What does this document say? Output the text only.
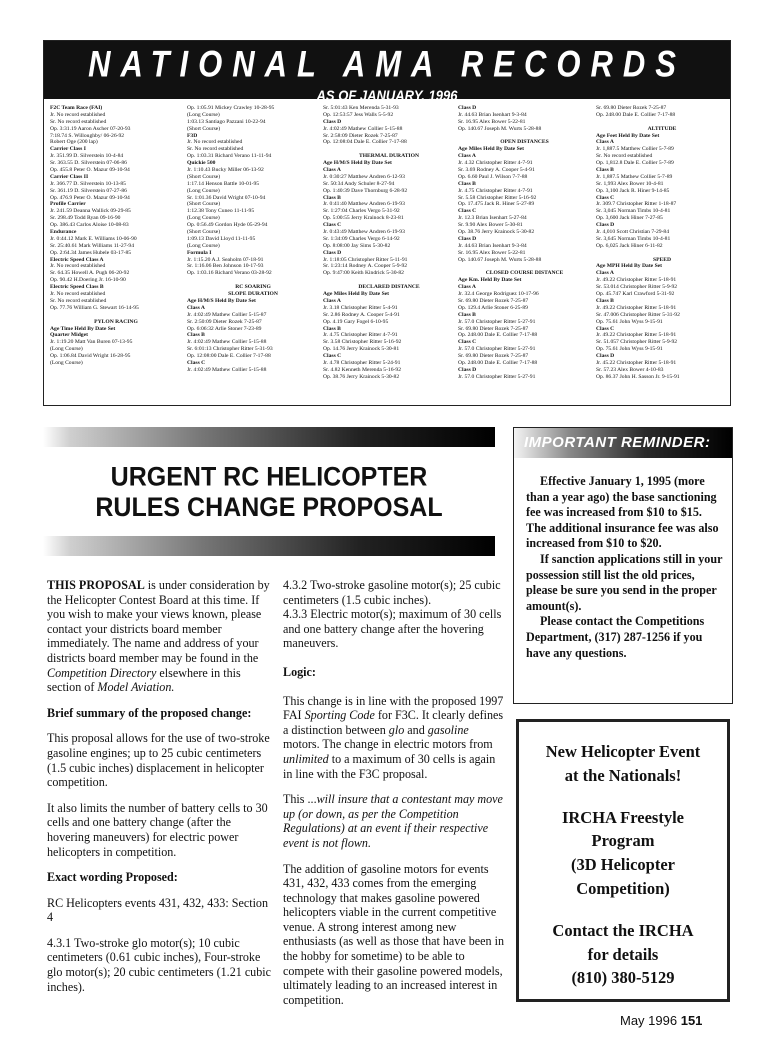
NATIONAL AMA RECORDS
AS OF JANUARY, 1996
F2C Team Race (FAI)
Jr. No record established
Sr. No record established
Op. 3:31.19 Aaron Ascher 07-20-93
7:18.74 S. Willoughby/ 06-26-92
Robert Oge (200 lap)
Carrier Class I
Jr. 351.99 D. Silverstein 10-4-84
Sr. 363.55 D. Silverstein 07-06-86
Op. 455.8 Peter O. Mazur 09-10-94
Carrier Class II
Jr. 366.77 D. Silverstein 10-13-85
Sr. 361.19 D. Silverstein 07-27-86
Op. 476.9 Peter O. Mazur 09-10-94
Profile Carrier
Jr. 241.59 Deanna Wallick 09-29-85
Sr. 298.49 Todd Ryan 09-16-90
Op. 386.43 Carlos Aloise 10-08-83
Endurance
Jr. 0:44.12 Mark E. Williams 10-06-90
Sr. 25:40.61 Mark Williams 11-27-94
Op. 2:64.34 James Hubele 03-17-85
Electric Speed Class A
Jr. No record established
Sr. 64.35 Howell A. Pugh 06-20-92
Op. 90.42 H.Doering Jr. 16-10-90
Electric Speed Class B
Jr. No record established
Sr. No record established
Op. 77.76 William G. Stewart 16-14-95

PYLON RACING
Age Time Held By Date Set
Quarter Midget
Jr. 1:19.20 Matt Van Buren 07-13-95
(Long Course)
Op. 1:06.84 David Wright 16-28-95
(Long Course)
Op. 1:05.91 Mickey Crawley 10-28-95
(Long Course)
1:03.13 Santiago Pazzani 10-22-94
(Short Course)
F3D
Jr. No record established
Sr. No record established
Op. 1:03.31 Richard Verano 11-11-94
Quickie 500
Jr. 1:10.43 Bucky Miller 06-13-92
(Short Course)
1:17.14 Henson Battle 10-01-95
(Long Course)
Sr. 1:01.36 David Wright 07-10-94
(Short Course)
1:12.38 Tony Cuneo 11-11-95
(Long Course)
Op. 0:56.49 Gordon Hyde 05-29-94
(Short Course)
1:09.13 David Lloyd 11-11-95
(Long Course)
Formula I
Jr. 1:15.20 A.J. Seaholm 07-18-91
Sr. 1:16.06 Ben Johnson 10-17-93
Op. 1:03.16 Richard Verano 03-28-92

RC SOARING
SLOPE DURATION
Age H/M/S Held By Date Set
Class A
Jr. 4:02:49 Mathew Collier 5-15-87
Sr. 2:50:09 Dieter Rozek 7-25-87
Op. 6:06:32 Arlie Stoner 7-23-89
Class B
Jr. 4:02:49 Mathew Collier 5-15-88
Sr. 6:01:13 Christopher Ritter 5-31-93
Op. 12:08:00 Dale E. Collier 7-17-88
Class C
Jr. 4:02:49 Mathew Collier 5-15-88
Sr. 5:01:43 Ken Merenda 5-31-93
Op. 12:53:57 Jess Walls 5-5-92
Class D
Jr. 4:02:49 Mathew Collier 5-15-88
Sr. 2:58:09 Dieter Rozek 7-25-87
Op. 12:08:04 Dale E. Collier 7-17-88

THERMAL DURATION
Age H/M/S Held By Date Set
Class A
Jr. 0:30:27 Matthew Andren 6-12-93
Sr. 50:34 Andy Schuler 8-27-94
Op. 1:40:39 Dave Thornburg 6-28-92
Class B
Jr. 0:41:40 Matthew Andren 6-19-93
Sr. 1:27:04 Charles Vergo 5-31-92
Op. 5:00:55 Jerry Krainock 8-23-81
Class C
Jr. 0:43:49 Matthew Andren 6-19-93
Sr. 1:34:09 Charles Vergo 6-14-92
Op. 8:08:00 Jay Sims 5-30-82
Class D
Jr. 1:18:05 Christopher Ritter 5-11-91
Sr. 1:23:14 Rodney A. Cooper 5-9-92
Op. 9:47:00 Keith Kindrick 5-30-82

DECLARED DISTANCE
Age Miles Held By Date Set
Class A
Jr. 3.18 Christopher Ritter 5-4-91
Sr. 2.86 Rodney A. Cooper 5-4-91
Op. 4.19 Gary Fogel 6-10-95
Class B
Jr. 4.75 Christopher Ritter 4-7-91
Sr. 3.58 Christopher Ritter 5-16-92
Op. 14.76 Jerry Krainock 5-30-81
Class C
Jr. 4.78 Christopher Ritter 5-24-91
Sr. 4.82 Kenneth Merenda 5-16-92
Op. 38.76 Jerry Krainock 5-30-82
Class D
Jr. 44.63 Brian Isenhart 9-3-84
Sr. 16.95 Alex Bower 5-22-81
Op. 140.67 Joseph M. Wurts 5-28-88

OPEN DISTANCES
Age Miles Held By Date Set
Class A
Jr. 4.32 Christopher Ritter 4-7-91
Sr. 3.69 Rodney A. Cooper 5-4-91
Op. 6.60 Paul J. Wilson 7-7-88
Class B
Jr. 4.75 Christopher Ritter 4-7-91
Sr. 5.58 Christopher Ritter 5-16-92
Op. 17.475 Jack R. Hiner 5-27-89
Class C
Jr. 12.3 Brian Isenhart 5-27-84
Sr. 9.90 Alex Bower 5-30-81
Op. 38.76 Jerry Krainock 5-30-82
Class D
Jr. 44.63 Brian Isenhart 9-3-84
Sr. 16.95 Alex Bower 5-22-81
Op. 140.67 Joseph M. Wurts 5-28-88

CLOSED COURSE DISTANCE
Age Km. Held By Date Set
Class A
Jr. 32.4 George Rodriguez 10-17-96
Sr. 69.80 Dieter Rozek 7-25-87
Op. 129.4 Arlie Stoner 6-25-89
Class B
Jr. 57.0 Christopher Ritter 5-27-91
Sr. 69.80 Dieter Rozek 7-25-87
Op. 248.00 Dale E. Collier 7-17-88
Class C
Jr. 57.0 Christopher Ritter 5-27-91
Sr. 69.80 Dieter Rozek 7-25-87
Op. 248.00 Dale E. Collier 7-17-88
Class D
Jr. 57.0 Christopher Ritter 5-27-91
Sr. 69.80 Dieter Rozek 7-25-87
Op. 248.00 Dale E. Collier 7-17-88

ALTITUDE
Age Feet Held By Date Set
Class A
Jr. 1,887.5 Matthew Collier 5-7-89
Sr. No record established
Op. 1,812.8 Dale E. Collier 5-7-89
Class B
Jr. 1,887.5 Mathew Collier 5-7-89
Sr. 1,993 Alex Bower 10-4-81
Op. 3,100 Jack R. Hiner 9-14-85
Class C
Jr. 309.7 Christopher Ritter 1-18-87
Sr. 3,045 Norman Timbs 10-4-81
Op. 3,600 Jack Hiner 7-27-85
Class D
Jr. 4,010 Scott Christian 7-29-84
Sr. 3,645 Norman Timbs 10-4-81
Op. 6,025 Jack Hiner 6-11-82

SPEED
Age MPH Held By Date Set
Class A
Jr. 49.22 Christopher Ritter 5-18-91
Sr. 53.014 Christopher Ritter 5-9-92
Op. 45.747 Karl Crawford 5-31-92
Class B
Jr. 49.22 Christopher Ritter 5-18-91
Sr. 47.006 Christopher Ritter 5-31-92
Op. 75.61 John Wyss 9-15-91
Class C
Jr. 49.22 Christopher Ritter 5-18-91
Sr. 51.057 Christopher Ritter 5-9-92
Op. 75.61 John Wyss 9-15-91
Class D
Jr. 45.22 Christopher Ritter 5-18-91
Sr. 57.23 Alex Bower 4-10-83
Op. 86.37 John H. Sasson Jr. 9-15-91
URGENT RC HELICOPTER
RULES CHANGE PROPOSAL

THIS PROPOSAL is under consideration by the Helicopter Contest Board at this time. If you wish to make your views known, please contact your districts board member immediately. The name and address of your districts board member may be found in the Competition Directory elsewhere in this section of Model Aviation.

Brief summary of the proposed change:

This proposal allows for the use of two-stroke gasoline engines; up to 25 cubic centimeters (1.5 cubic inches) displacement in helicopter competition.

It also limits the number of battery cells to 30 cells and one battery change (after the hovering maneuvers) for electric power helicopters in competition.

Exact wording Proposed:

RC Helicopters events 431, 432, 433: Section 4

4.3.1 Two-stroke glo motor(s); 10 cubic centimeters (0.61 cubic inches), Four-stroke glo motor(s); 20 cubic centimeters (1.21 cubic inches).

4.3.2 Two-stroke gasoline motor(s); 25 cubic centimeters (1.5 cubic inches).

4.3.3 Electric motor(s); maximum of 30 cells and one battery change after the hovering maneuvers.

Logic:

This change is in line with the proposed 1997 FAI Sporting Code for F3C. It clearly defines a distinction between glo and gasoline motors. The change in electric motors from unlimited to a maximum of 30 cells is again in line with the F3C proposal.

This ...will insure that a contestant may move up (or down, as per the Competition Regulations) at an event if their respective event is not flown.

The addition of gasoline motors for events 431, 432, 433 comes from the emerging technology that makes gasoline powered helicopters viable in the current competitive venue. A strong interest among new enthusiasts (as well as those that have been in the hobby for sometime) to be able to compete with their gasoline powered models, ultimately leading to an increased interest in competition.

IMPORTANT REMINDER:

Effective January 1, 1995 (more than a year ago) the base sanctioning fee was increased from $10 to $15. The additional insurance fee was also increased from $10 to $20.

If sanction applications still in your possession still list the old prices, please be sure you send in the proper amount(s).

Please contact the Competitions Department, (317) 287-1256 if you have any questions.

New Helicopter Event
at the Nationals!
IRCHA Freestyle
Program
(3D Helicopter
Competition)
Contact the IRCHA
for details
(810) 380-5129
May 1996 151
